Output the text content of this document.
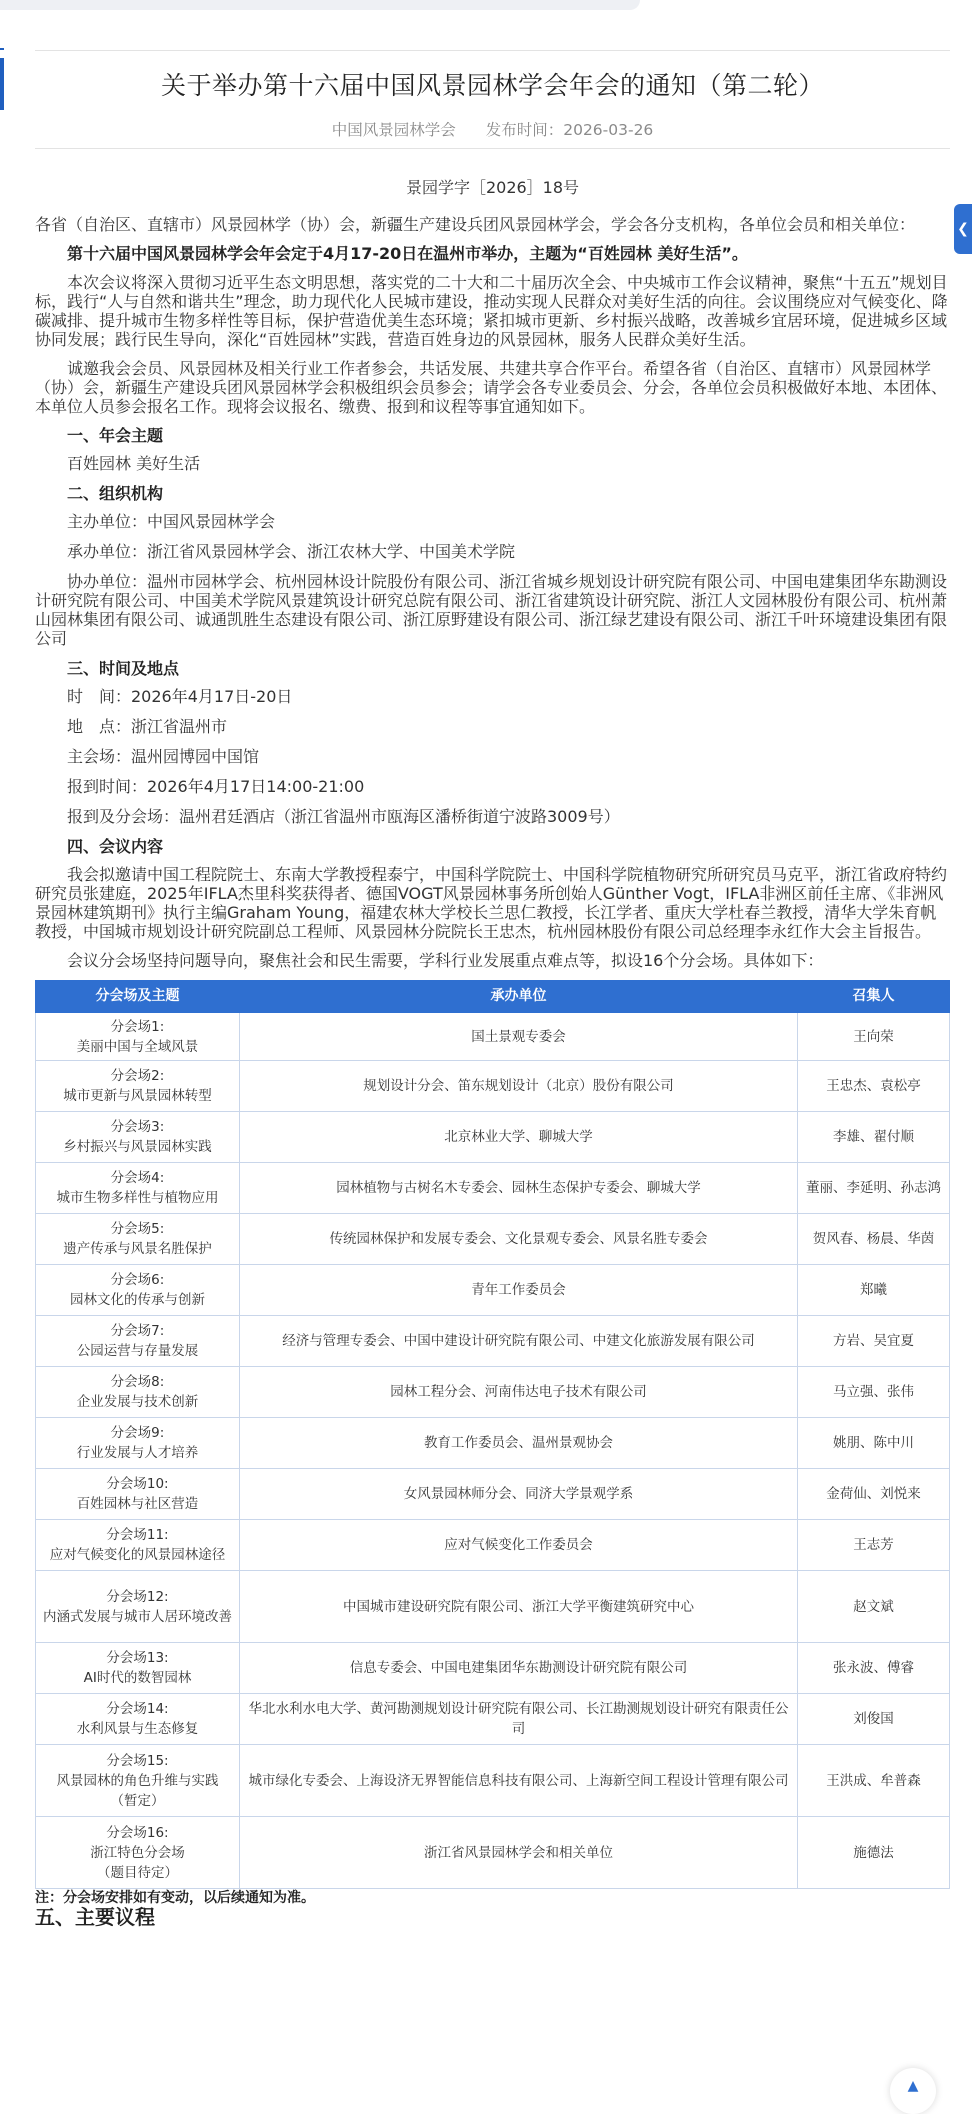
❮
关于举办第十六届中国风景园林学会年会的通知（第二轮）
中国风景园林学会 发布时间：2026-03-26

景园学字［2026］18号

各省（自治区、直辖市）风景园林学（协）会，新疆生产建设兵团风景园林学会，学会各分支机构，各单位会员和相关单位：

第十六届中国风景园林学会年会定于4月17-20日在温州市举办，主题为“百姓园林 美好生活”。

本次会议将深入贯彻习近平生态文明思想，落实党的二十大和二十届历次全会、中央城市工作会议精神，聚焦“十五五”规划目标，践行“人与自然和谐共生”理念，助力现代化人民城市建设，推动实现人民群众对美好生活的向往。会议围绕应对气候变化、降碳减排、提升城市生物多样性等目标，保护营造优美生态环境；紧扣城市更新、乡村振兴战略，改善城乡宜居环境，促进城乡区域协同发展；践行民生导向，深化“百姓园林”实践，营造百姓身边的风景园林，服务人民群众美好生活。

诚邀我会会员、风景园林及相关行业工作者参会，共话发展、共建共享合作平台。希望各省（自治区、直辖市）风景园林学（协）会，新疆生产建设兵团风景园林学会积极组织会员参会；请学会各专业委员会、分会，各单位会员积极做好本地、本团体、本单位人员参会报名工作。现将会议报名、缴费、报到和议程等事宜通知如下。

一、年会主题

百姓园林 美好生活

二、组织机构

主办单位：中国风景园林学会

承办单位：浙江省风景园林学会、浙江农林大学、中国美术学院

协办单位：温州市园林学会、杭州园林设计院股份有限公司、浙江省城乡规划设计研究院有限公司、中国电建集团华东勘测设计研究院有限公司、中国美术学院风景建筑设计研究总院有限公司、浙江省建筑设计研究院、浙江人文园林股份有限公司、杭州萧山园林集团有限公司、诚通凯胜生态建设有限公司、浙江原野建设有限公司、浙江绿艺建设有限公司、浙江千叶环境建设集团有限公司

三、时间及地点

时　间：2026年4月17日-20日

地　点：浙江省温州市

主会场：温州园博园中国馆

报到时间：2026年4月17日14:00-21:00

报到及分会场：温州君廷酒店（浙江省温州市瓯海区潘桥街道宁波路3009号）

四、会议内容

我会拟邀请中国工程院院士、东南大学教授程泰宁，中国科学院院士、中国科学院植物研究所研究员马克平，浙江省政府特约研究员张建庭，2025年IFLA杰里科奖获得者、德国VOGT风景园林事务所创始人Günther Vogt，IFLA非洲区前任主席、《非洲风景园林建筑期刊》执行主编Graham Young，福建农林大学校长兰思仁教授，长江学者、重庆大学杜春兰教授，清华大学朱育帆教授，中国城市规划设计研究院副总工程师、风景园林分院院长王忠杰，杭州园林股份有限公司总经理李永红作大会主旨报告。

会议分会场坚持问题导向，聚焦社会和民生需要，学科行业发展重点难点等，拟设16个分会场。具体如下：

分会场及主题	承办单位	召集人
分会场1:
美丽中国与全域风景	国土景观专委会	王向荣
分会场2:
城市更新与风景园林转型	规划设计分会、笛东规划设计（北京）股份有限公司	王忠杰、袁松亭
分会场3:
乡村振兴与风景园林实践	北京林业大学、聊城大学	李雄、翟付顺
分会场4:
城市生物多样性与植物应用	园林植物与古树名木专委会、园林生态保护专委会、聊城大学	董丽、李延明、孙志鸿
分会场5:
遗产传承与风景名胜保护	传统园林保护和发展专委会、文化景观专委会、风景名胜专委会	贺风春、杨晨、华茵
分会场6:
园林文化的传承与创新	青年工作委员会	郑曦
分会场7:
公园运营与存量发展	经济与管理专委会、中国中建设计研究院有限公司、中建文化旅游发展有限公司	方岩、吴宜夏
分会场8:
企业发展与技术创新	园林工程分会、河南伟达电子技术有限公司	马立强、张伟
分会场9:
行业发展与人才培养	教育工作委员会、温州景观协会	姚朋、陈中川
分会场10:
百姓园林与社区营造	女风景园林师分会、同济大学景观学系	金荷仙、刘悦来
分会场11:
应对气候变化的风景园林途径	应对气候变化工作委员会	王志芳
分会场12:
内涵式发展与城市人居环境改善	中国城市建设研究院有限公司、浙江大学平衡建筑研究中心	赵文斌
分会场13:
AI时代的数智园林	信息专委会、中国电建集团华东勘测设计研究院有限公司	张永波、傅睿
分会场14:
水利风景与生态修复	华北水利水电大学、黄河勘测规划设计研究院有限公司、长江勘测规划设计研究有限责任公司	刘俊国
分会场15:
风景园林的角色升维与实践
（暂定）	城市绿化专委会、上海设济无界智能信息科技有限公司、上海新空间工程设计管理有限公司	王洪成、牟普森
分会场16:
浙江特色分会场
（题目待定）	浙江省风景园林学会和相关单位	施德法

注：分会场安排如有变动，以后续通知为准。

五、主要议程

▲
